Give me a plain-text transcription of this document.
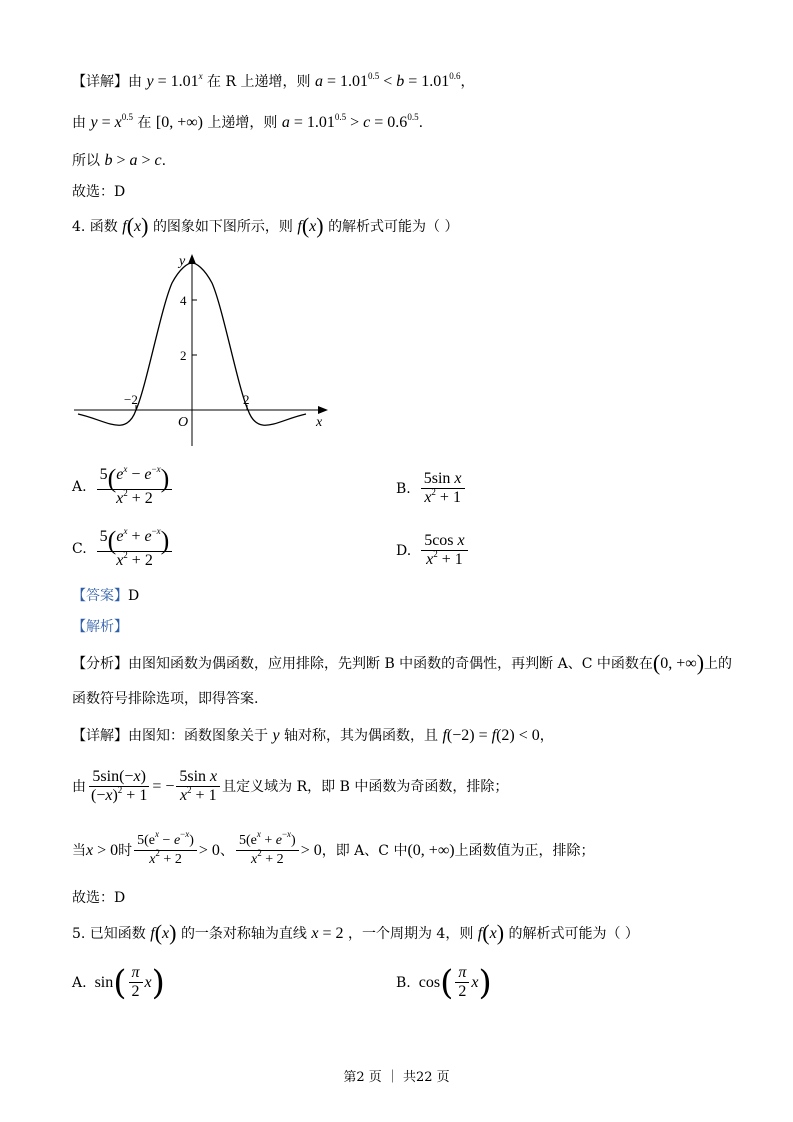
【详解】由 $y = 1.01^x$ 在 R 上递增，则 $a = 1.01^{0.5} < b = 1.01^{0.6}$，
由 $y = x^{0.5}$ 在 [0, +∞) 上递增，则 $a = 1.01^{0.5} > c = 0.6^{0.5}$.
所以 b > a > c.
故选：D
4. 函数 f(x) 的图象如下图所示，则 f(x) 的解析式可能为（ ）
y
x
O
4
2
−2	2
A. $\frac{5(e^x - e^{-x})}{x^2 + 2}$	B. $\frac{\text{5sin x}}{x^2 + 1}$
C. $\frac{5(e^x + e^{-x})}{x^2 + 2}$	D. $\frac{\text{5cos x}}{x^2 + 1}$
【答案】D
【解析】
【分析】由图知函数为偶函数，应用排除，先判断 B 中函数的奇偶性，再判断 A、C 中函数在(0, +∞)上的
函数符号排除选项，即得答案.
【详解】由图知：函数图象关于 y 轴对称，其为偶函数，且 f(−2) = f(2) < 0，
由 $\frac{5\sin(-x)}{(-x)^2 + 1}$ = − $\frac{\text{5sin x}}{x^2 + 1}$ 且定义域为 R，即 B 中函数为奇函数，排除；
当 x > 0 时 $\frac{5(e^x - e^{-x})}{x^2 + 2} > 0$ 、 $\frac{5(e^x + e^{-x})}{x^2 + 2} > 0$ ，即 A、C 中 (0, +∞) 上函数值为正，排除；
故选：D
5. 已知函数 f(x) 的一条对称轴为直线 x = 2 ，一个周期为 4，则 f(x) 的解析式可能为（ ）
A. sin ( $\frac{\pi}{2}$ x )	B. cos ( $\frac{\pi}{2}$ x )
第2 页 ｜ 共22 页
